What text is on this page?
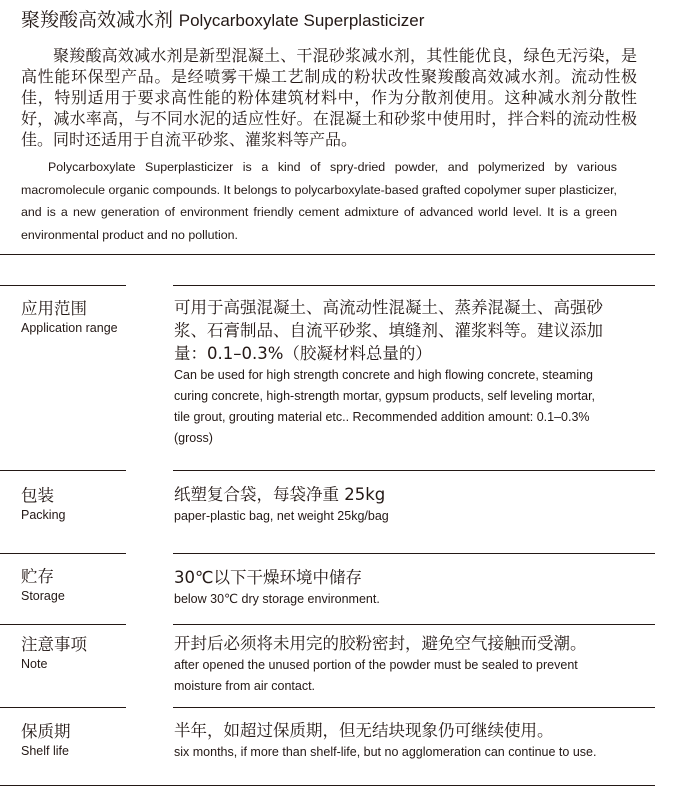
聚羧酸高效减水剂 Polycarboxylate Superplasticizer

聚羧酸高效减水剂是新型混凝土、干混砂浆减水剂，其性能优良，绿色无污染，是高性能环保型产品。是经喷雾干燥工艺制成的粉状改性聚羧酸高效减水剂。流动性极佳，特别适用于要求高性能的粉体建筑材料中，作为分散剂使用。这种减水剂分散性好，减水率高，与不同水泥的适应性好。在混凝土和砂浆中使用时，拌合料的流动性极佳。同时还适用于自流平砂浆、灌浆料等产品。

Polycarboxylate Superplasticizer is a kind of spry-dried powder, and polymerized by various macromolecule organic compounds. It belongs to polycarboxylate-based grafted copolymer super plasticizer, and is a new generation of environment friendly cement admixture of advanced world level. It is a green environmental product and no pollution.

应用范围
Application range

可用于高强混凝土、高流动性混凝土、蒸养混凝土、高强砂浆、石膏制品、自流平砂浆、填缝剂、灌浆料等。建议添加量：0.1–0.3%（胶凝材料总量的）

Can be used for high strength concrete and high flowing concrete, steaming curing concrete, high-strength mortar, gypsum products, self leveling mortar, tile grout, grouting material etc.. Recommended addition amount: 0.1–0.3% (gross)

包装
Packing

纸塑复合袋，每袋净重 25kg

paper-plastic bag, net weight 25kg/bag

贮存
Storage

30℃以下干燥环境中储存

below 30℃ dry storage environment.

注意事项
Note

开封后必须将未用完的胶粉密封，避免空气接触而受潮。

after opened the unused portion of the powder must be sealed to prevent moisture from air contact.

保质期
Shelf life

半年，如超过保质期，但无结块现象仍可继续使用。

six months, if more than shelf-life, but no agglomeration can continue to use.
